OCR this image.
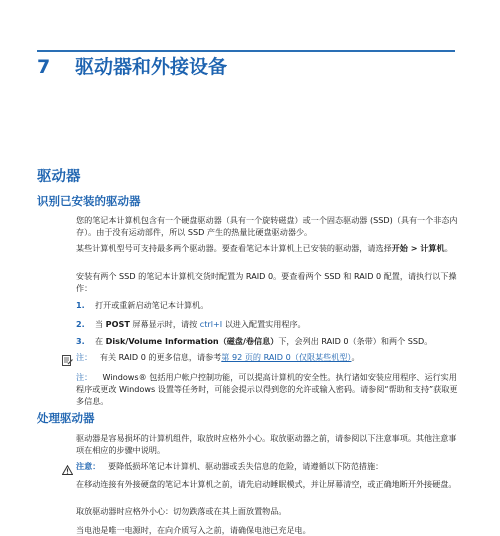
7	驱动器和外接设备
驱动器
识别已安装的驱动器
您的笔记本计算机包含有一个硬盘驱动器（具有一个旋转磁盘）或一个固态驱动器 (SSD)（具有一个非态内存）。由于没有运动部件，所以 SSD 产生的热量比硬盘驱动器少。
某些计算机型号可支持最多两个驱动器。要查看笔记本计算机上已安装的驱动器，请选择开始 > 计算机。
安装有两个 SSD 的笔记本计算机交货时配置为 RAID 0。要查看两个 SSD 和 RAID 0 配置，请执行以下操作：
1. 打开或重新启动笔记本计算机。
2. 当 POST 屏幕显示时，请按 ctrl+I 以进入配置实用程序。
3. 在 Disk/Volume Information（磁盘/卷信息）下，会列出 RAID 0（条带）和两个 SSD。
注： 有关 RAID 0 的更多信息，请参考第 92 页的 RAID 0（仅限某些机型）。
注： Windows® 包括用户帐户控制功能，可以提高计算机的安全性。执行诸如安装应用程序、运行实用程序或更改 Windows 设置等任务时，可能会提示以得到您的允许或输入密码。请参阅“帮助和支持”获取更多信息。
处理驱动器
驱动器是容易损坏的计算机组件，取放时应格外小心。取放驱动器之前，请参阅以下注意事项。其他注意事项在相应的步骤中说明。
注意： 要降低损坏笔记本计算机、驱动器或丢失信息的危险，请遵循以下防范措施：
在移动连接有外接硬盘的笔记本计算机之前，请先启动睡眠模式，并让屏幕清空，或正确地断开外接硬盘。
取放驱动器时应格外小心：切勿跌落或在其上面放置物品。
当电池是唯一电源时，在向介质写入之前，请确保电池已充足电。
